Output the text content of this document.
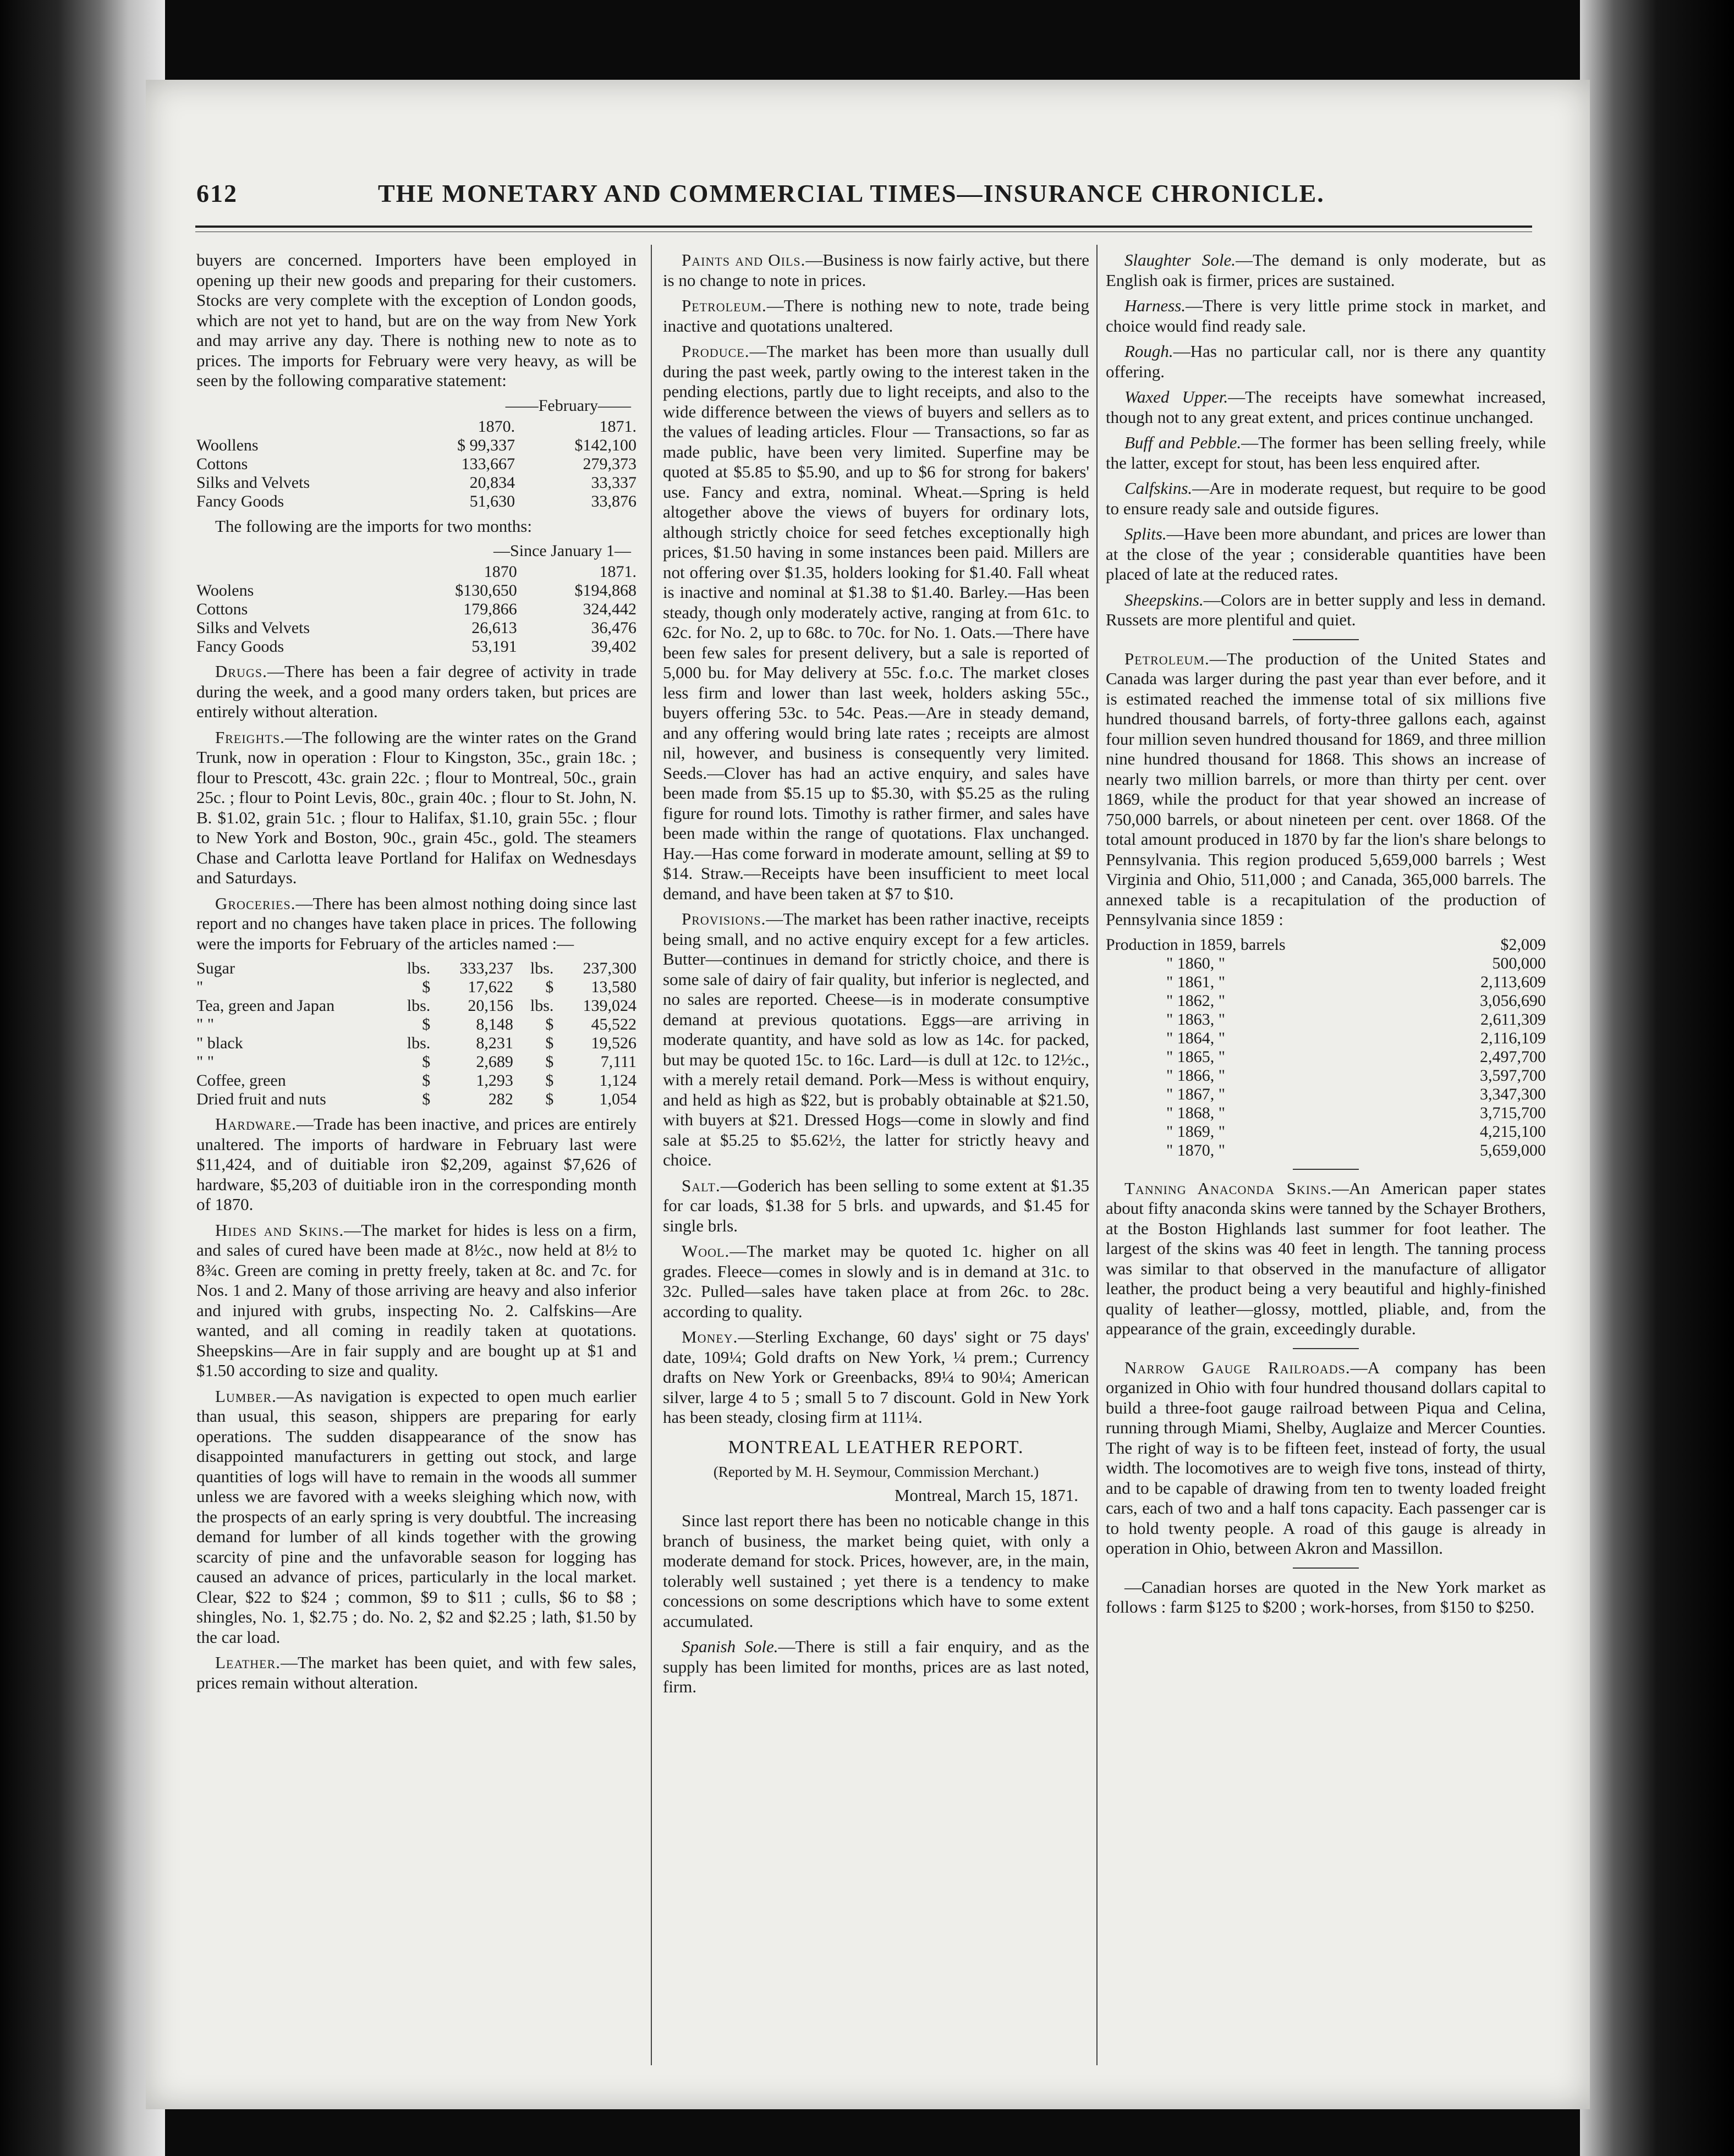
612	THE MONETARY AND COMMERCIAL TIMES—INSURANCE CHRONICLE.

buyers are concerned. Importers have been employed in opening up their new goods and preparing for their customers. Stocks are very complete with the exception of London goods, which are not yet to hand, but are on the way from New York and may arrive any day. There is nothing new to note as to prices. The imports for February were very heavy, as will be seen by the following comparative statement:

——February——
	1870.	1871.
Woollens	$ 99,337	$142,100
Cottons	133,667	279,373
Silks and Velvets	20,834	33,337
Fancy Goods	51,630	33,876

The following are the imports for two months:

—Since January 1—
	1870	1871.
Woolens	$130,650	$194,868
Cottons	179,866	324,442
Silks and Velvets	26,613	36,476
Fancy Goods	53,191	39,402

Drugs.—There has been a fair degree of activity in trade during the week, and a good many orders taken, but prices are entirely without alteration.

Freights.—The following are the winter rates on the Grand Trunk, now in operation : Flour to Kingston, 35c., grain 18c. ; flour to Prescott, 43c. grain 22c. ; flour to Montreal, 50c., grain 25c. ; flour to Point Levis, 80c., grain 40c. ; flour to St. John, N. B. $1.02, grain 51c. ; flour to Halifax, $1.10, grain 55c. ; flour to New York and Boston, 90c., grain 45c., gold. The steamers Chase and Carlotta leave Portland for Halifax on Wednesdays and Saturdays.

Groceries.—There has been almost nothing doing since last report and no changes have taken place in prices. The following were the imports for February of the articles named :—

Sugar	lbs.	333,237	lbs.	237,300
"	$	17,622	$	13,580
Tea, green and Japan	lbs.	20,156	lbs.	139,024
" "	$	8,148	$	45,522
" black	lbs.	8,231	$	19,526
" "	$	2,689	$	7,111
Coffee, green	$	1,293	$	1,124
Dried fruit and nuts	$	282	$	1,054

Hardware.—Trade has been inactive, and prices are entirely unaltered. The imports of hardware in February last were $11,424, and of duitiable iron $2,209, against $7,626 of hardware, $5,203 of duitiable iron in the corresponding month of 1870.

Hides and Skins.—The market for hides is less on a firm, and sales of cured have been made at 8½c., now held at 8½ to 8¾c. Green are coming in pretty freely, taken at 8c. and 7c. for Nos. 1 and 2. Many of those arriving are heavy and also inferior and injured with grubs, inspecting No. 2. Calfskins—Are wanted, and all coming in readily taken at quotations. Sheepskins—Are in fair supply and are bought up at $1 and $1.50 according to size and quality.

Lumber.—As navigation is expected to open much earlier than usual, this season, shippers are preparing for early operations. The sudden disappearance of the snow has disappointed manufacturers in getting out stock, and large quantities of logs will have to remain in the woods all summer unless we are favored with a weeks sleighing which now, with the prospects of an early spring is very doubtful. The increasing demand for lumber of all kinds together with the growing scarcity of pine and the unfavorable season for logging has caused an advance of prices, particularly in the local market. Clear, $22 to $24 ; common, $9 to $11 ; culls, $6 to $8 ; shingles, No. 1, $2.75 ; do. No. 2, $2 and $2.25 ; lath, $1.50 by the car load.

Leather.—The market has been quiet, and with few sales, prices remain without alteration.

Paints and Oils.—Business is now fairly active, but there is no change to note in prices.

Petroleum.—There is nothing new to note, trade being inactive and quotations unaltered.

Produce.—The market has been more than usually dull during the past week, partly owing to the interest taken in the pending elections, partly due to light receipts, and also to the wide difference between the views of buyers and sellers as to the values of leading articles. Flour — Transactions, so far as made public, have been very limited. Superfine may be quoted at $5.85 to $5.90, and up to $6 for strong for bakers' use. Fancy and extra, nominal. Wheat.—Spring is held altogether above the views of buyers for ordinary lots, although strictly choice for seed fetches exceptionally high prices, $1.50 having in some instances been paid. Millers are not offering over $1.35, holders looking for $1.40. Fall wheat is inactive and nominal at $1.38 to $1.40. Barley.—Has been steady, though only moderately active, ranging at from 61c. to 62c. for No. 2, up to 68c. to 70c. for No. 1. Oats.—There have been few sales for present delivery, but a sale is reported of 5,000 bu. for May delivery at 55c. f.o.c. The market closes less firm and lower than last week, holders asking 55c., buyers offering 53c. to 54c. Peas.—Are in steady demand, and any offering would bring late rates ; receipts are almost nil, however, and business is consequently very limited. Seeds.—Clover has had an active enquiry, and sales have been made from $5.15 up to $5.30, with $5.25 as the ruling figure for round lots. Timothy is rather firmer, and sales have been made within the range of quotations. Flax unchanged. Hay.—Has come forward in moderate amount, selling at $9 to $14. Straw.—Receipts have been insufficient to meet local demand, and have been taken at $7 to $10.

Provisions.—The market has been rather inactive, receipts being small, and no active enquiry except for a few articles. Butter—continues in demand for strictly choice, and there is some sale of dairy of fair quality, but inferior is neglected, and no sales are reported. Cheese—is in moderate consumptive demand at previous quotations. Eggs—are arriving in moderate quantity, and have sold as low as 14c. for packed, but may be quoted 15c. to 16c. Lard—is dull at 12c. to 12½c., with a merely retail demand. Pork—Mess is without enquiry, and held as high as $22, but is probably obtainable at $21.50, with buyers at $21. Dressed Hogs—come in slowly and find sale at $5.25 to $5.62½, the latter for strictly heavy and choice.

Salt.—Goderich has been selling to some extent at $1.35 for car loads, $1.38 for 5 brls. and upwards, and $1.45 for single brls.

Wool.—The market may be quoted 1c. higher on all grades. Fleece—comes in slowly and is in demand at 31c. to 32c. Pulled—sales have taken place at from 26c. to 28c. according to quality.

Money.—Sterling Exchange, 60 days' sight or 75 days' date, 109¼; Gold drafts on New York, ¼ prem.; Currency drafts on New York or Greenbacks, 89¼ to 90¼; American silver, large 4 to 5 ; small 5 to 7 discount. Gold in New York has been steady, closing firm at 111¼.

MONTREAL LEATHER REPORT.
(Reported by M. H. Seymour, Commission Merchant.)
Montreal, March 15, 1871.

Since last report there has been no noticable change in this branch of business, the market being quiet, with only a moderate demand for stock. Prices, however, are, in the main, tolerably well sustained ; yet there is a tendency to make concessions on some descriptions which have to some extent accumulated.

Spanish Sole.—There is still a fair enquiry, and as the supply has been limited for months, prices are as last noted, firm.

Slaughter Sole.—The demand is only moderate, but as English oak is firmer, prices are sustained.

Harness.—There is very little prime stock in market, and choice would find ready sale.

Rough.—Has no particular call, nor is there any quantity offering.

Waxed Upper.—The receipts have somewhat increased, though not to any great extent, and prices continue unchanged.

Buff and Pebble.—The former has been selling freely, while the latter, except for stout, has been less enquired after.

Calfskins.—Are in moderate request, but require to be good to ensure ready sale and outside figures.

Splits.—Have been more abundant, and prices are lower than at the close of the year ; considerable quantities have been placed of late at the reduced rates.

Sheepskins.—Colors are in better supply and less in demand. Russets are more plentiful and quiet.

Petroleum.—The production of the United States and Canada was larger during the past year than ever before, and it is estimated reached the immense total of six millions five hundred thousand barrels, of forty-three gallons each, against four million seven hundred thousand for 1869, and three million nine hundred thousand for 1868. This shows an increase of nearly two million barrels, or more than thirty per cent. over 1869, while the product for that year showed an increase of 750,000 barrels, or about nineteen per cent. over 1868. Of the total amount produced in 1870 by far the lion's share belongs to Pennsylvania. This region produced 5,659,000 barrels ; West Virginia and Ohio, 511,000 ; and Canada, 365,000 barrels. The annexed table is a recapitulation of the production of Pennsylvania since 1859 :

Production in 1859, barrels	$2,009
" 1860, "	500,000
" 1861, "	2,113,609
" 1862, "	3,056,690
" 1863, "	2,611,309
" 1864, "	2,116,109
" 1865, "	2,497,700
" 1866, "	3,597,700
" 1867, "	3,347,300
" 1868, "	3,715,700
" 1869, "	4,215,100
" 1870, "	5,659,000

Tanning Anaconda Skins.—An American paper states about fifty anaconda skins were tanned by the Schayer Brothers, at the Boston Highlands last summer for foot leather. The largest of the skins was 40 feet in length. The tanning process was similar to that observed in the manufacture of alligator leather, the product being a very beautiful and highly-finished quality of leather—glossy, mottled, pliable, and, from the appearance of the grain, exceedingly durable.

Narrow Gauge Railroads.—A company has been organized in Ohio with four hundred thousand dollars capital to build a three-foot gauge railroad between Piqua and Celina, running through Miami, Shelby, Auglaize and Mercer Counties. The right of way is to be fifteen feet, instead of forty, the usual width. The locomotives are to weigh five tons, instead of thirty, and to be capable of drawing from ten to twenty loaded freight cars, each of two and a half tons capacity. Each passenger car is to hold twenty people. A road of this gauge is already in operation in Ohio, between Akron and Massillon.

—Canadian horses are quoted in the New York market as follows : farm $125 to $200 ; work-horses, from $150 to $250.
